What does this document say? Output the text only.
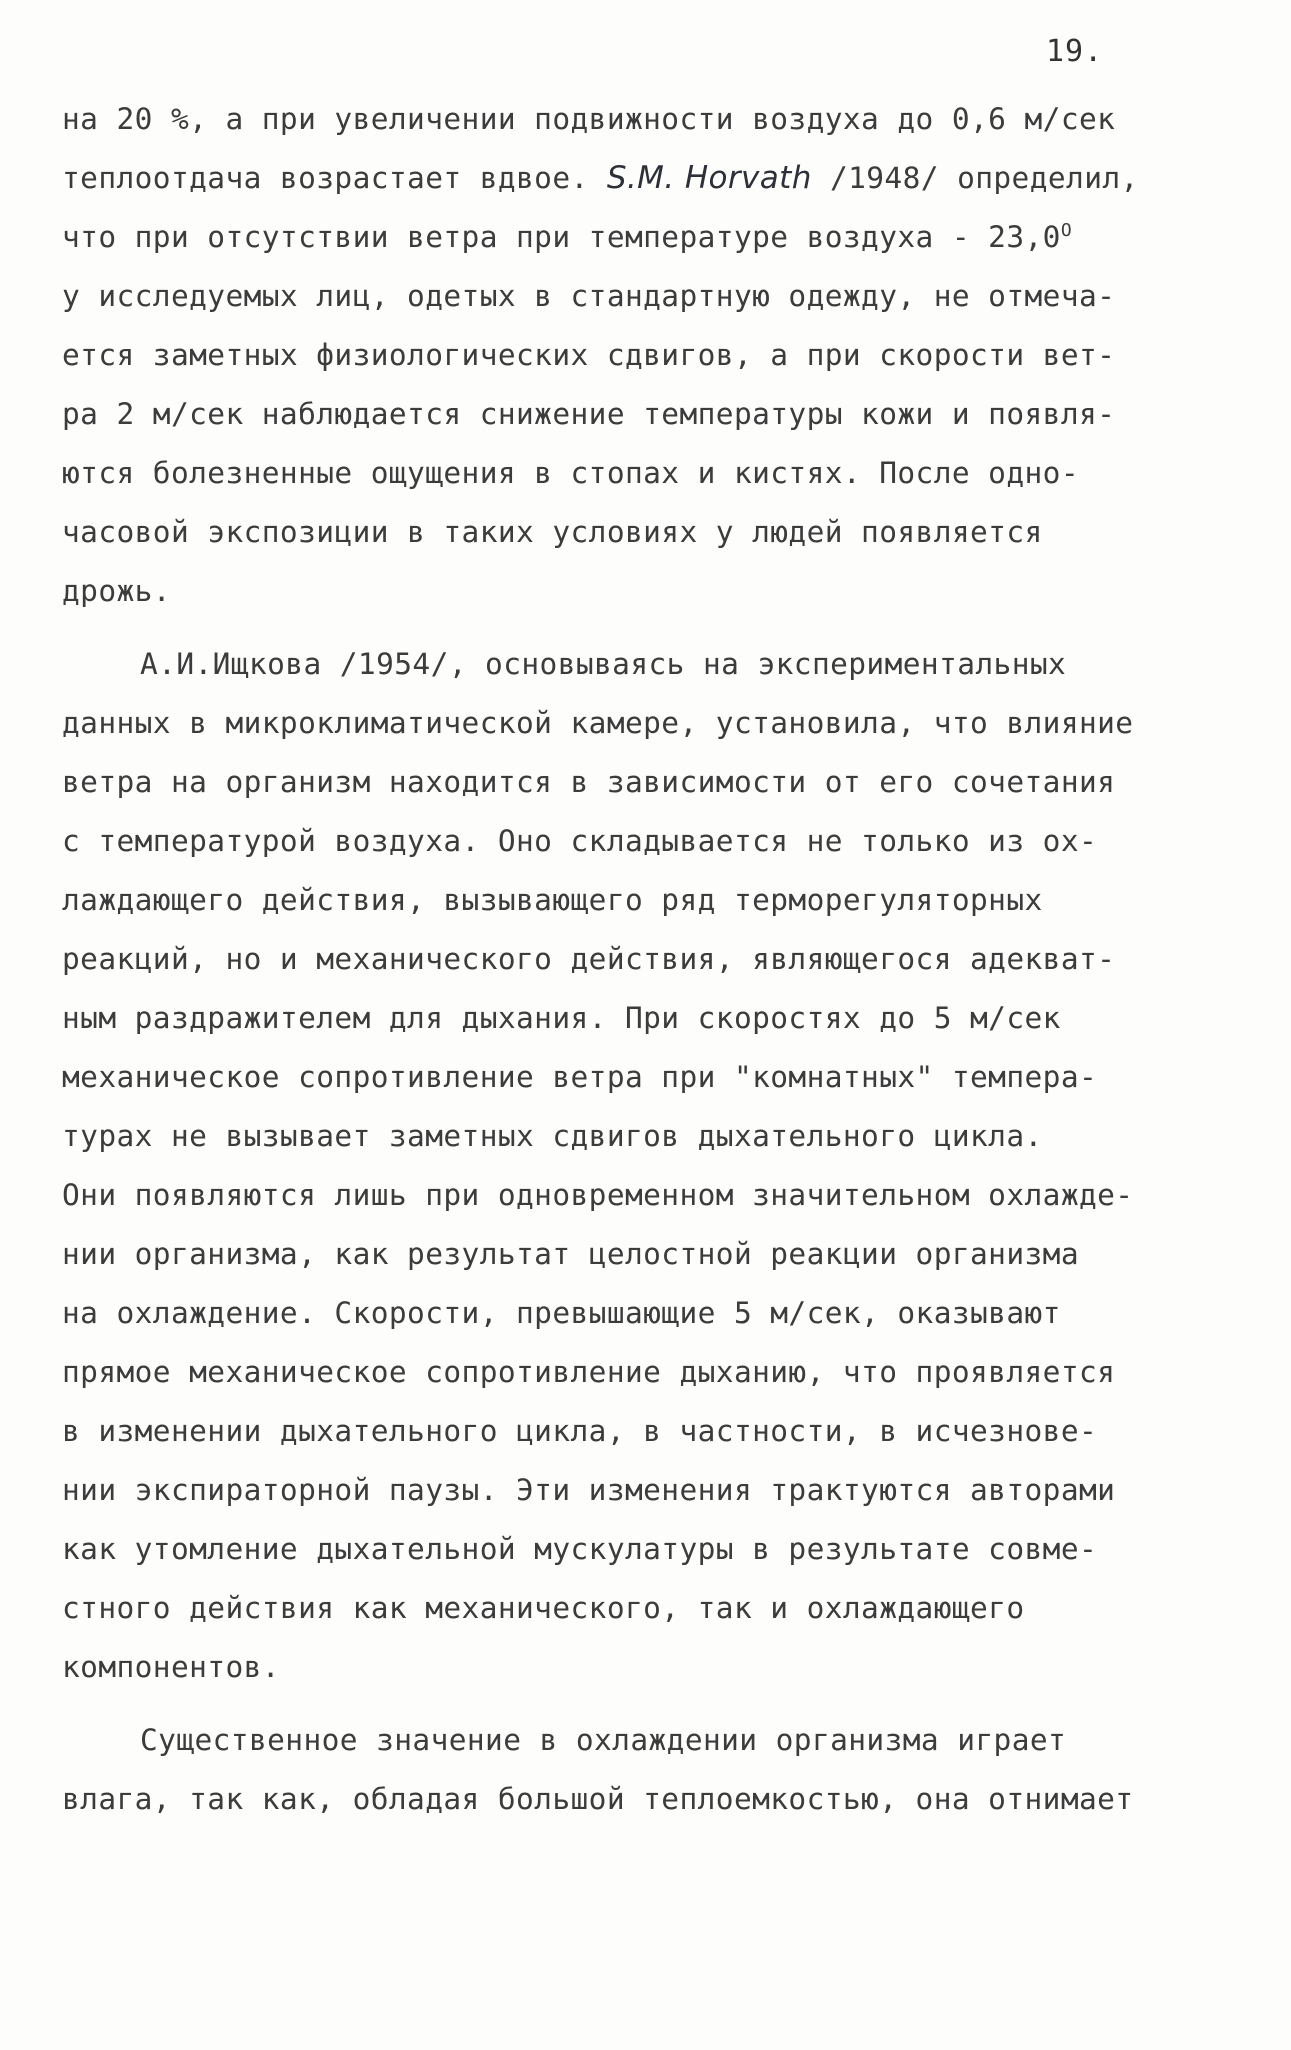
19.
на 20 %, а при увеличении подвижности воздуха до 0,6 м/сек
теплоотдача возрастает вдвое. S.M. Horvath /1948/ определил,
что при отсутствии ветра при температуре воздуха - $23,0^О$
у исследуемых лиц, одетых в стандартную одежду, не отмеча-
ется заметных физиологических сдвигов, а при скорости вет-
ра 2 м/сек наблюдается снижение температуры кожи и появля-
ются болезненные ощущения в стопах и кистях. После одно-
часовой экспозиции в таких условиях у людей появляется
дрожь.
А.И.Ищкова /1954/, основываясь на экспериментальных
данных в микроклиматической камере, установила, что влияние
ветра на организм находится в зависимости от его сочетания
с температурой воздуха. Оно складывается не только из ох-
лаждающего действия, вызывающего ряд терморегуляторных
реакций, но и механического действия, являющегося адекват-
ным раздражителем для дыхания. При скоростях до 5 м/сек
механическое сопротивление ветра при "комнатных" темпера-
турах не вызывает заметных сдвигов дыхательного цикла.
Они появляются лишь при одновременном значительном охлажде-
нии организма, как результат целостной реакции организма
на охлаждение. Скорости, превышающие 5 м/сек, оказывают
прямое механическое сопротивление дыханию, что проявляется
в изменении дыхательного цикла, в частности, в исчезнове-
нии экспираторной паузы. Эти изменения трактуются авторами
как утомление дыхательной мускулатуры в результате совме-
стного действия как механического, так и охлаждающего
компонентов.
Существенное значение в охлаждении организма играет
влага, так как, обладая большой теплоемкостью, она отнимает
